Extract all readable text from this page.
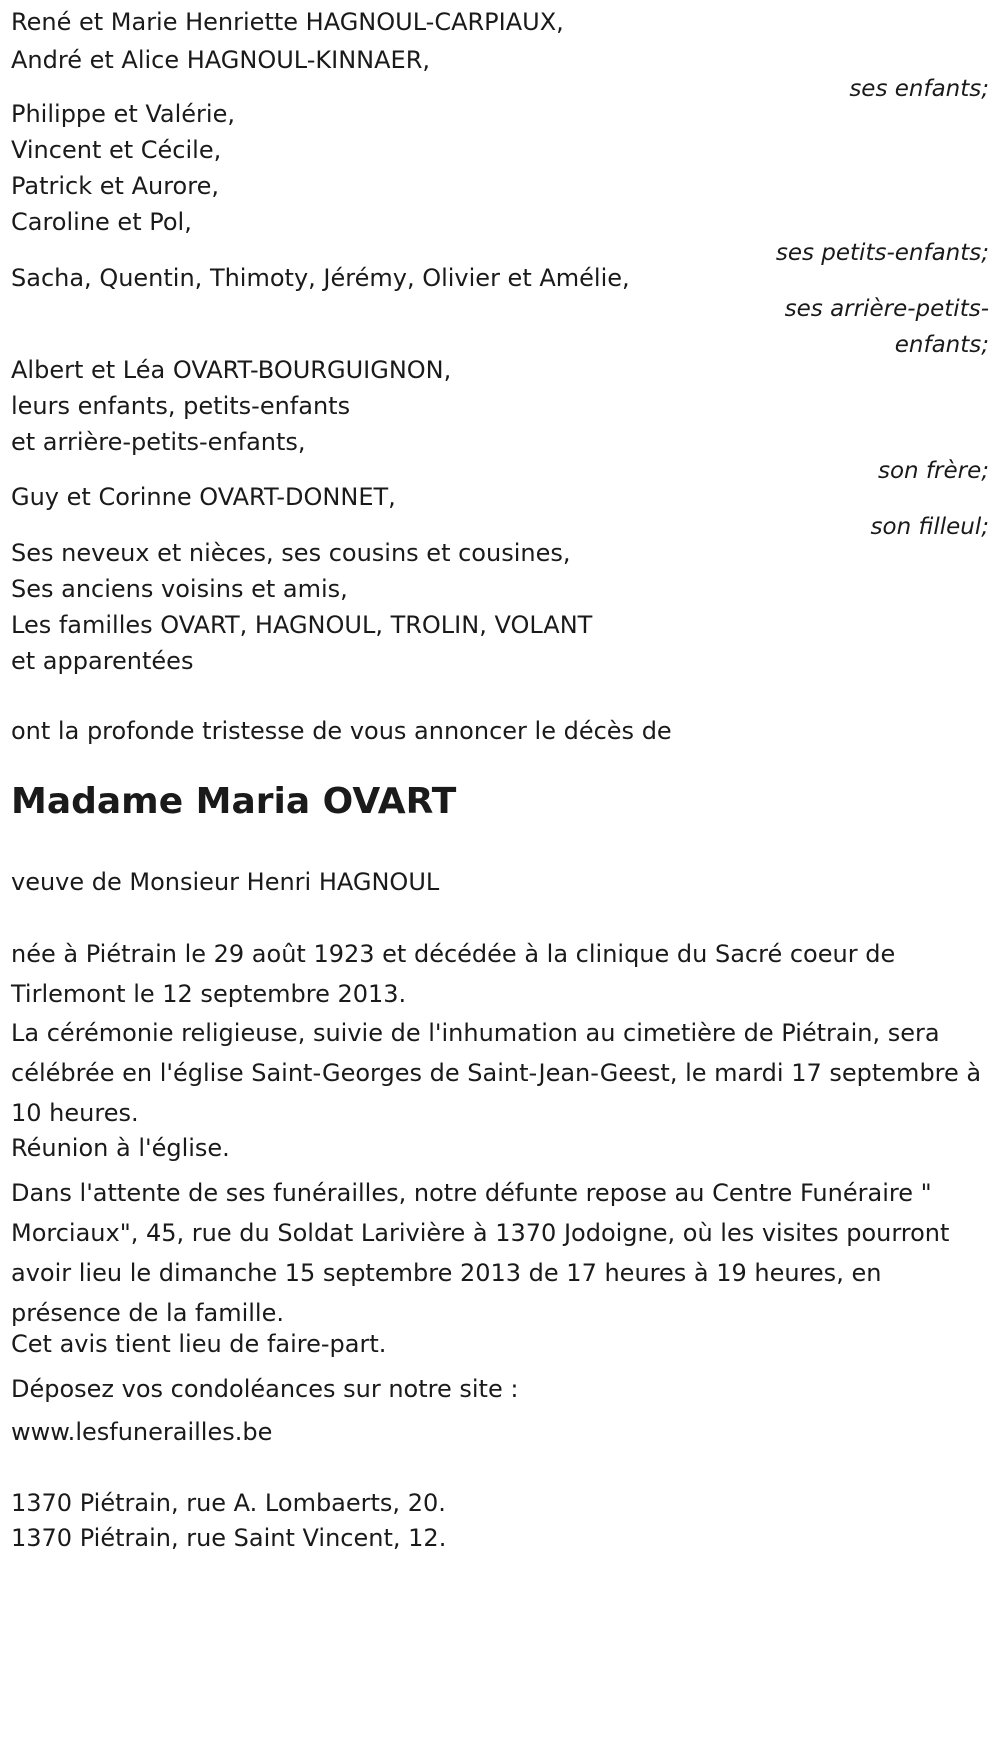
René et Marie Henriette HAGNOUL-CARPIAUX,
André et Alice HAGNOUL-KINNAER,
ses enfants;
Philippe et Valérie,
Vincent et Cécile,
Patrick et Aurore,
Caroline et Pol,
ses petits-enfants;
Sacha, Quentin, Thimoty, Jérémy, Olivier et Amélie,
ses arrière-petits-
enfants;
Albert et Léa OVART-BOURGUIGNON,
leurs enfants, petits-enfants
et arrière-petits-enfants,
son frère;
Guy et Corinne OVART-DONNET,
son filleul;
Ses neveux et nièces, ses cousins et cousines,
Ses anciens voisins et amis,
Les familles OVART, HAGNOUL, TROLIN, VOLANT
et apparentées
ont la profonde tristesse de vous annoncer le décès de
Madame Maria OVART
veuve de Monsieur Henri HAGNOUL
née à Piétrain le 29 août 1923 et décédée à la clinique du Sacré coeur de Tirlemont le 12 septembre 2013.
La cérémonie religieuse, suivie de l'inhumation au cimetière de Piétrain, sera célébrée en l'église Saint-Georges de Saint-Jean-Geest, le mardi 17 septembre à 10 heures.
Réunion à l'église.
Dans l'attente de ses funérailles, notre défunte repose au Centre Funéraire " Morciaux", 45, rue du Soldat Larivière à 1370 Jodoigne, où les visites pourront avoir lieu le dimanche 15 septembre 2013 de 17 heures à 19 heures, en présence de la famille.
Cet avis tient lieu de faire-part.
Déposez vos condoléances sur notre site :
www.lesfunerailles.be
1370 Piétrain, rue A. Lombaerts, 20.
1370 Piétrain, rue Saint Vincent, 12.
